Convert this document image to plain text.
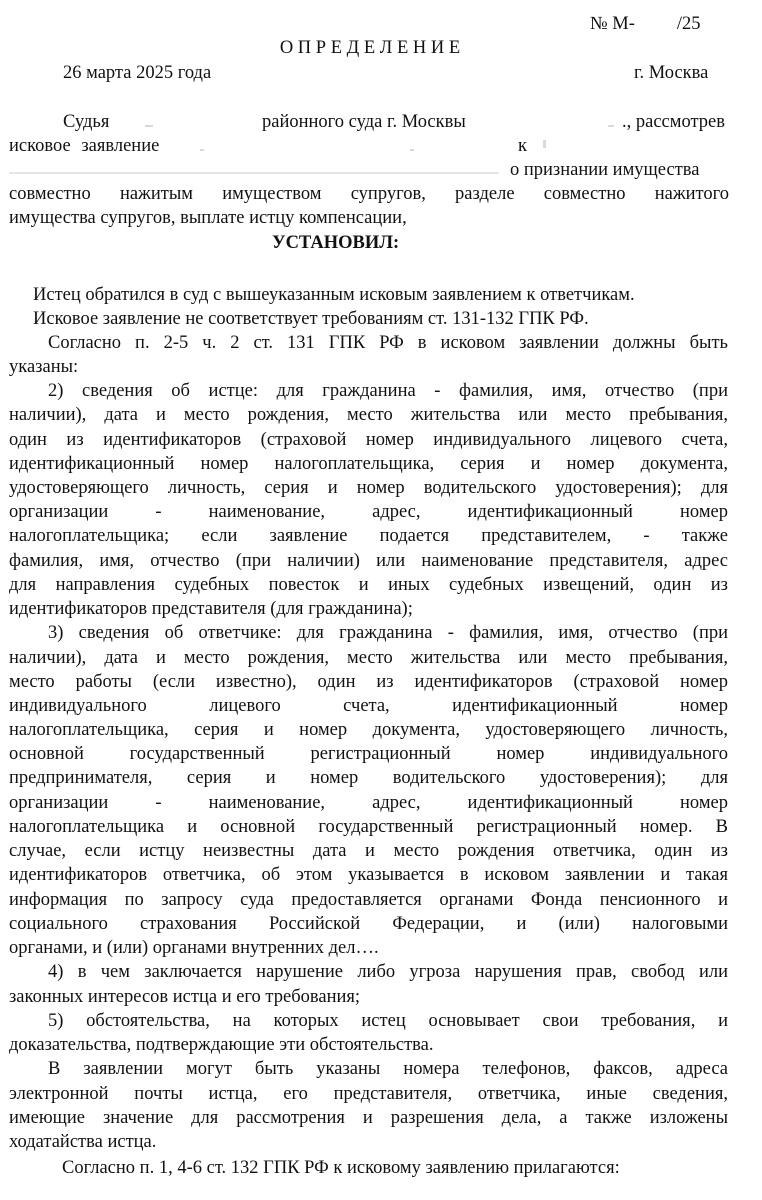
№ М- /25
О П Р Е Д Е Л Е Н И Е
26 марта 2025 года	г. Москва
Судья	районного суда г. Москвы	., рассмотрев
исковое заявление	к
о признании имущества
совместно нажитым имуществом супругов, разделе совместно нажитого
имущества супругов, выплате истцу компенсации,
УСТАНОВИЛ:
Истец обратился в суд с вышеуказанным исковым заявлением к ответчикам.
Исковое заявление не соответствует требованиям ст. 131-132 ГПК РФ.
Согласно п. 2-5 ч. 2 ст. 131 ГПК РФ в исковом заявлении должны быть
указаны:
2) сведения об истце: для гражданина - фамилия, имя, отчество (при
наличии), дата и место рождения, место жительства или место пребывания,
один из идентификаторов (страховой номер индивидуального лицевого счета,
идентификационный номер налогоплательщика, серия и номер документа,
удостоверяющего личность, серия и номер водительского удостоверения); для
организации - наименование, адрес, идентификационный номер
налогоплательщика; если заявление подается представителем, - также
фамилия, имя, отчество (при наличии) или наименование представителя, адрес
для направления судебных повесток и иных судебных извещений, один из
идентификаторов представителя (для гражданина);
3) сведения об ответчике: для гражданина - фамилия, имя, отчество (при
наличии), дата и место рождения, место жительства или место пребывания,
место работы (если известно), один из идентификаторов (страховой номер
индивидуального лицевого счета, идентификационный номер
налогоплательщика, серия и номер документа, удостоверяющего личность,
основной государственный регистрационный номер индивидуального
предпринимателя, серия и номер водительского удостоверения); для
организации - наименование, адрес, идентификационный номер
налогоплательщика и основной государственный регистрационный номер. В
случае, если истцу неизвестны дата и место рождения ответчика, один из
идентификаторов ответчика, об этом указывается в исковом заявлении и такая
информация по запросу суда предоставляется органами Фонда пенсионного и
социального страхования Российской Федерации, и (или) налоговыми
органами, и (или) органами внутренних дел….
4) в чем заключается нарушение либо угроза нарушения прав, свобод или
законных интересов истца и его требования;
5) обстоятельства, на которых истец основывает свои требования, и
доказательства, подтверждающие эти обстоятельства.
В заявлении могут быть указаны номера телефонов, факсов, адреса
электронной почты истца, его представителя, ответчика, иные сведения,
имеющие значение для рассмотрения и разрешения дела, а также изложены
ходатайства истца.
Согласно п. 1, 4-6 ст. 132 ГПК РФ к исковому заявлению прилагаются:
